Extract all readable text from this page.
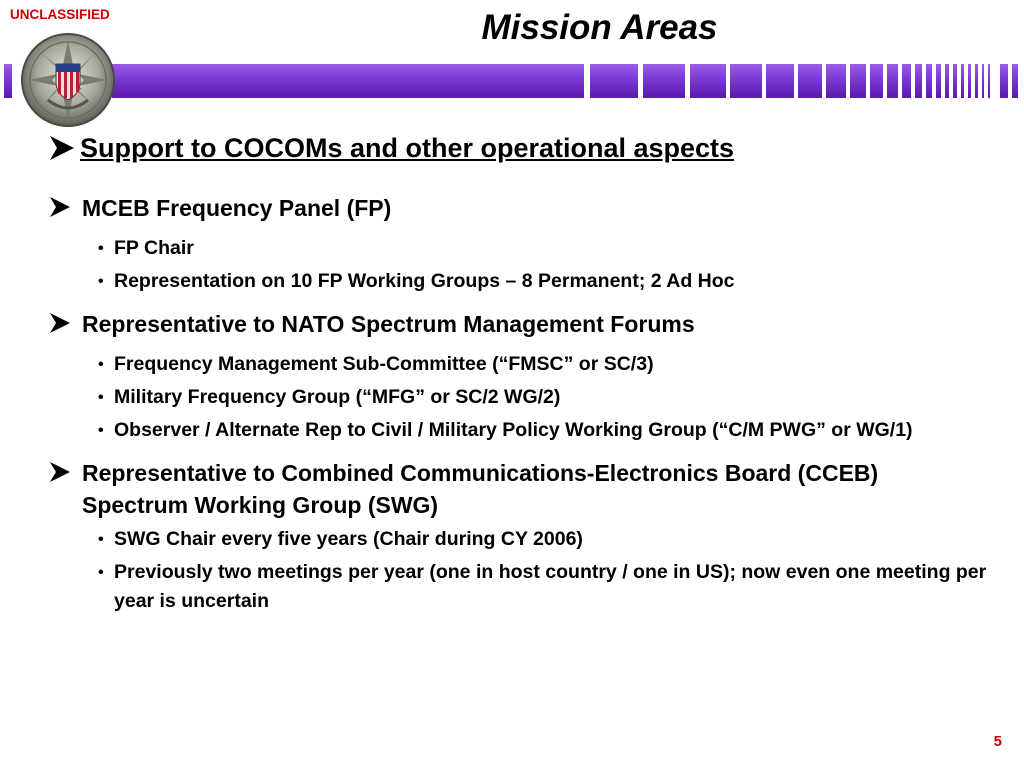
UNCLASSIFIED	Mission Areas
Support to COCOMs and other operational aspects
MCEB Frequency Panel (FP)
• FP Chair
• Representation on 10 FP Working Groups – 8 Permanent; 2 Ad Hoc
Representative to NATO Spectrum Management Forums
• Frequency Management Sub-Committee (“FMSC” or SC/3)
• Military Frequency Group (“MFG” or SC/2 WG/2)
• Observer / Alternate Rep to Civil / Military Policy Working Group (“C/M PWG” or WG/1)
Representative to Combined Communications-Electronics Board (CCEB) Spectrum Working Group (SWG)
• SWG Chair every five years (Chair during CY 2006)
• Previously two meetings per year (one in host country / one in US); now even one meeting per year is uncertain
5
